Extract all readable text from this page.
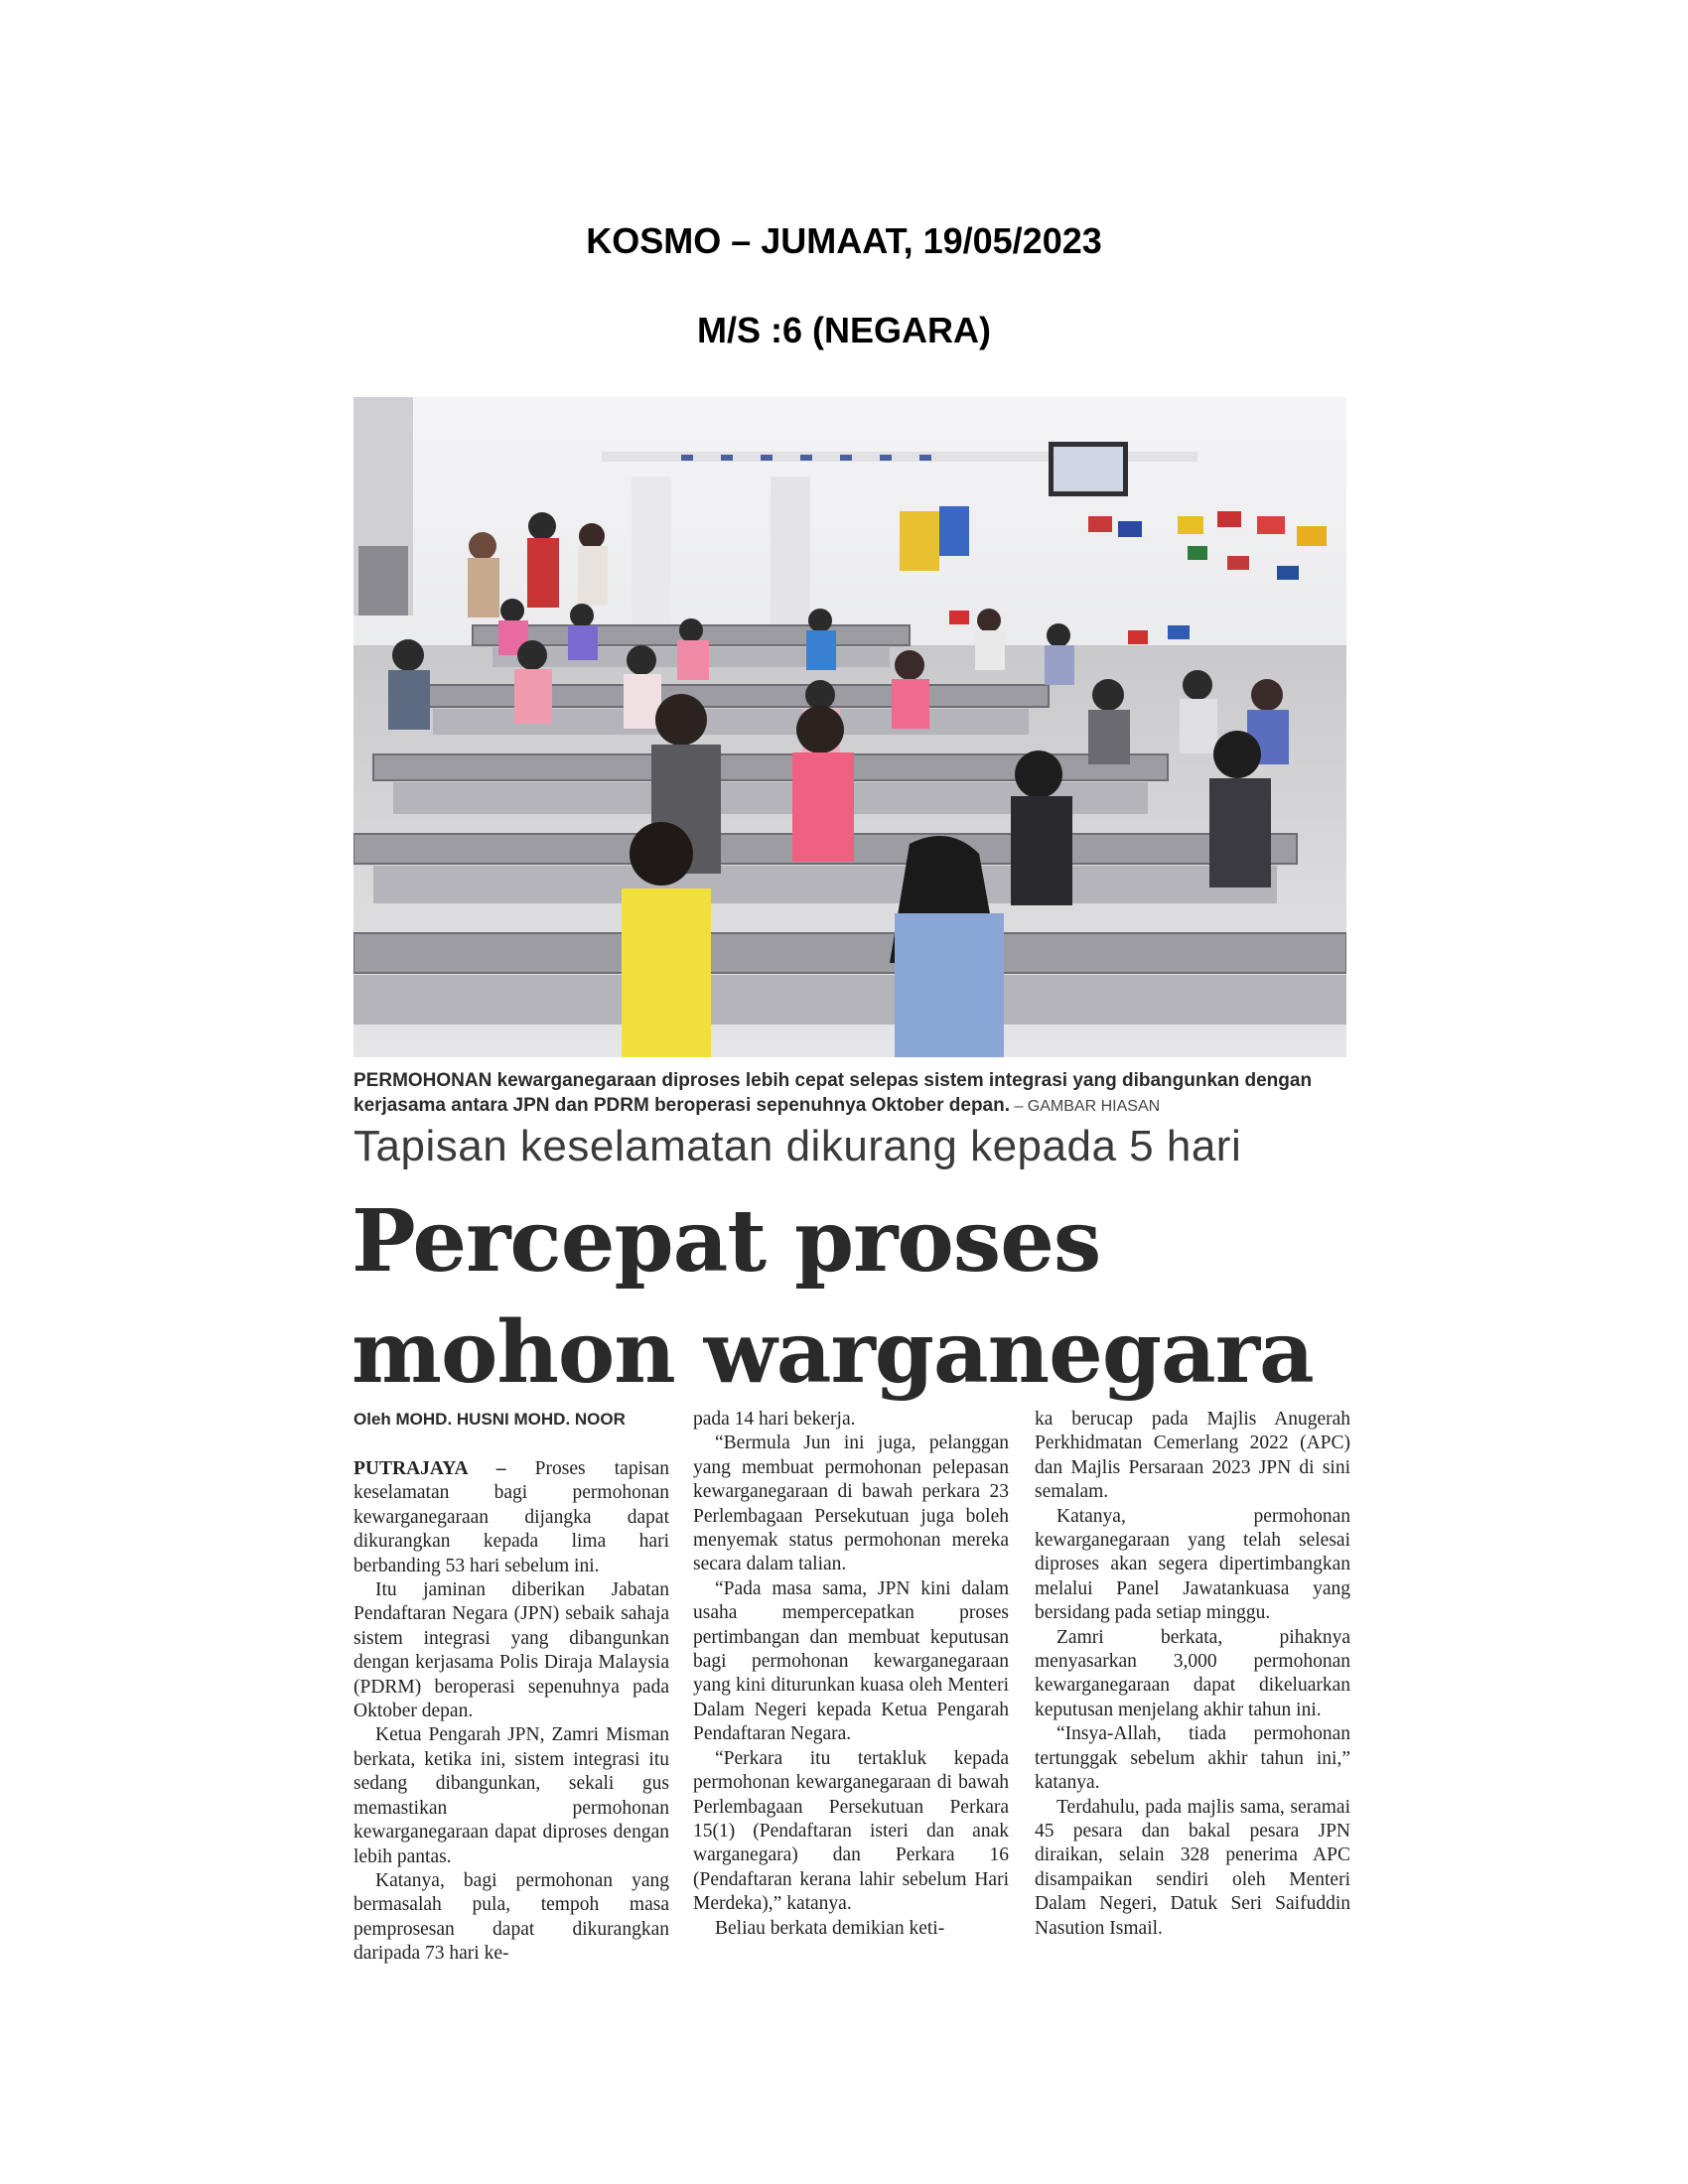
KOSMO – JUMAAT, 19/05/2023
M/S :6 (NEGARA)
PERMOHONAN kewarganegaraan diproses lebih cepat selepas sistem integrasi yang dibangunkan dengan kerjasama antara JPN dan PDRM beroperasi sepenuhnya Oktober depan. – GAMBAR HIASAN
Tapisan keselamatan dikurang kepada 5 hari
Percepat proses
mohon warganegara
Oleh MOHD. HUSNI MOHD. NOOR

PUTRAJAYA – Proses tapisan keselamatan bagi permohonan kewarganegaraan dijangka dapat dikurangkan kepada lima hari berbanding 53 hari sebelum ini.

Itu jaminan diberikan Jabatan Pendaftaran Negara (JPN) sebaik sahaja sistem integrasi yang dibangunkan dengan kerjasama Polis Diraja Malaysia (PDRM) beroperasi sepenuhnya pada Oktober depan.

Ketua Pengarah JPN, Zamri Misman berkata, ketika ini, sistem integrasi itu sedang dibangunkan, sekali gus memastikan permohonan kewarganegaraan dapat diproses dengan lebih pantas.

Katanya, bagi permohonan yang bermasalah pula, tempoh masa pemprosesan dapat dikurangkan daripada 73 hari ke-

pada 14 hari bekerja.

“Bermula Jun ini juga, pelanggan yang membuat permohonan pelepasan kewarganegaraan di bawah perkara 23 Perlembagaan Persekutuan juga boleh menyemak status permohonan mereka secara dalam talian.

“Pada masa sama, JPN kini dalam usaha mempercepatkan proses pertimbangan dan membuat keputusan bagi permohonan kewarganegaraan yang kini diturunkan kuasa oleh Menteri Dalam Negeri kepada Ketua Pengarah Pendaftaran Negara.

“Perkara itu tertakluk kepada permohonan kewarganegaraan di bawah Perlembagaan Persekutuan Perkara 15(1) (Pendaftaran isteri dan anak warganegara) dan Perkara 16 (Pendaftaran kerana lahir sebelum Hari Merdeka),” katanya.

Beliau berkata demikian keti-

ka berucap pada Majlis Anugerah Perkhidmatan Cemerlang 2022 (APC) dan Majlis Persaraan 2023 JPN di sini semalam.

Katanya, permohonan kewarganegaraan yang telah selesai diproses akan segera dipertimbangkan melalui Panel Jawatankuasa yang bersidang pada setiap minggu.

Zamri berkata, pihaknya menyasarkan 3,000 permohonan kewarganegaraan dapat dikeluarkan keputusan menjelang akhir tahun ini.

“Insya-Allah, tiada permohonan tertunggak sebelum akhir tahun ini,” katanya.

Terdahulu, pada majlis sama, seramai 45 pesara dan bakal pesara JPN diraikan, selain 328 penerima APC disampaikan sendiri oleh Menteri Dalam Negeri, Datuk Seri Saifuddin Nasution Ismail.
